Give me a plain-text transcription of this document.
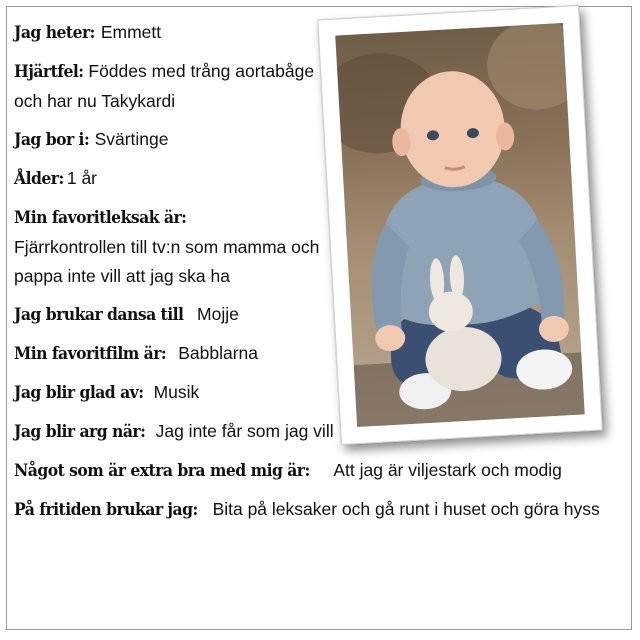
Jag heter: Emmett
Hjärtfel: Föddes med trång aortabåge och har nu Takykardi
Jag bor i: Svärtinge
Ålder: 1 år
Min favoritleksak är:
Fjärrkontrollen till tv:n som mamma och pappa inte vill att jag ska ha
Jag brukar dansa till Mojje
Min favoritfilm är: Babblarna
Jag blir glad av: Musik
Jag blir arg när: Jag inte får som jag vill
Något som är extra bra med mig är: Att jag är viljestark och modig
På fritiden brukar jag: Bita på leksaker och gå runt i huset och göra hyss
